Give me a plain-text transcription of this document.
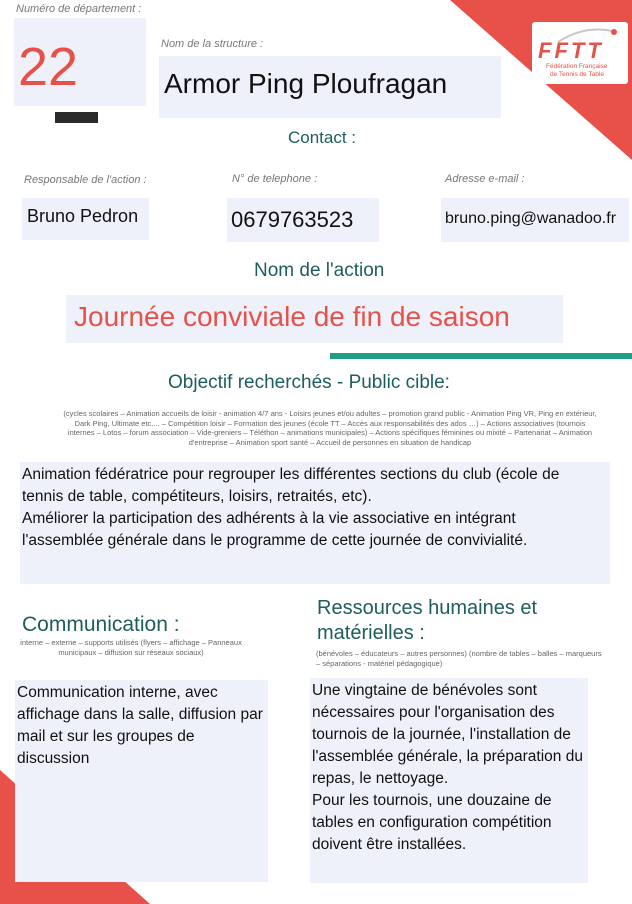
FFTT
Fédération Française
de Tennis de Table
Numéro de département :
22	Nom de la structure :
Armor Ping Ploufragan
Contact :
Responsable de l'action :
Bruno Pedron
N° de telephone :
0679763523
Adresse e-mail :
bruno.ping@wanadoo.fr
Nom de l'action
Journée conviviale de fin de saison
Objectif recherchés - Public cible:
(cycles scolaires – Animation accueils de loisir - animation 4/7 ans - Loisirs jeunes et/ou adultes – promotion grand public - Animation Ping VR, Ping en extérieur, Dark Ping, Ultimate etc.... – Compétition loisir – Formation des jeunes (école TT – Accès aux responsabilités des ados …) – Actions associatives (tournois internes – Lotos – forum association – Vide-greniers – Téléthon – animations municipales) – Actions spécifiques féminines ou mixité – Partenariat – Animation d'entreprise – Animation sport santé – Accueil de personnes en situation de handicap
Animation fédératrice pour regrouper les différentes sections du club (école de tennis de table, compétiteurs, loisirs, retraités, etc).
Améliorer la participation des adhérents à la vie associative en intégrant l'assemblée générale dans le programme de cette journée de convivialité.
Communication :
interne – externe – supports utilisés (flyers – affichage – Panneaux municipaux – diffusion sur réseaux sociaux)
Communication interne, avec affichage dans la salle, diffusion par mail et sur les groupes de discussion
Ressources humaines et matérielles :
(bénévoles – éducateurs – autres personnes) (nombre de tables – balles – marqueurs – séparations - matériel pédagogique)
Une vingtaine de bénévoles sont nécessaires pour l'organisation des tournois de la journée, l'installation de l'assemblée générale, la préparation du repas, le nettoyage.
Pour les tournois, une douzaine de tables en configuration compétition doivent être installées.
